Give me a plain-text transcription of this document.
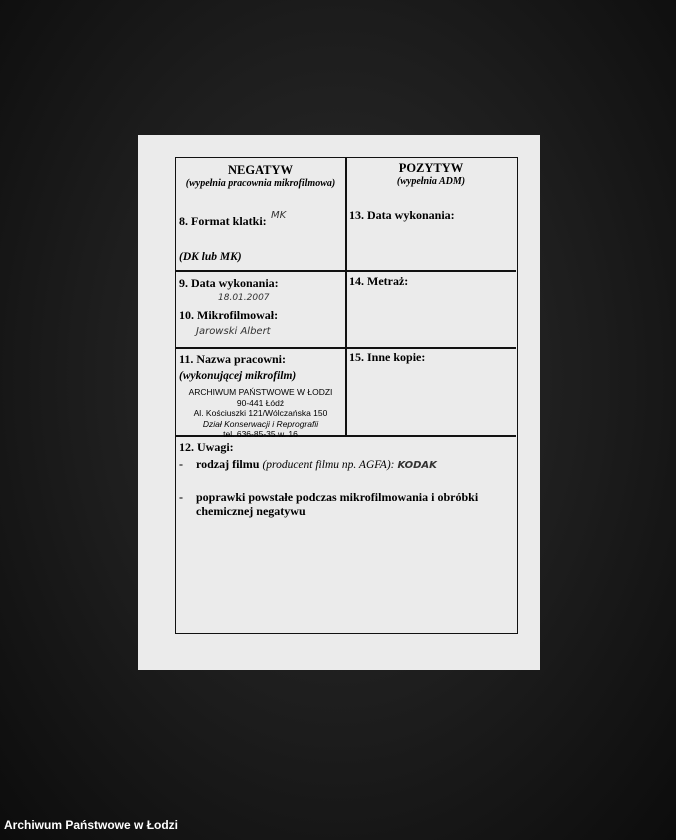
NEGATYW
(wypełnia pracownia mikrofilmowa)
POZYTYW
(wypełnia ADM)
8. Format klatki: MK
(DK lub MK)
13. Data wykonania:
9. Data wykonania:
18.01.2007
10. Mikrofilmował:
Jarowski Albert
14. Metraż:
11. Nazwa pracowni:
(wykonującej mikrofilm)
ARCHIWUM PAŃSTWOWE W ŁODZI
90-441 Łódź
Al. Kościuszki 121/Wólczańska 150
Dział Konserwacji i Reprografii
tel. 636-85-35 w. 16
15. Inne kopie:
12. Uwagi:
- rodzaj filmu (producent filmu np. AGFA): KODAK
- poprawki powstałe podczas mikrofilmowania i obróbki
chemicznej negatywu
Archiwum Państwowe w Łodzi
